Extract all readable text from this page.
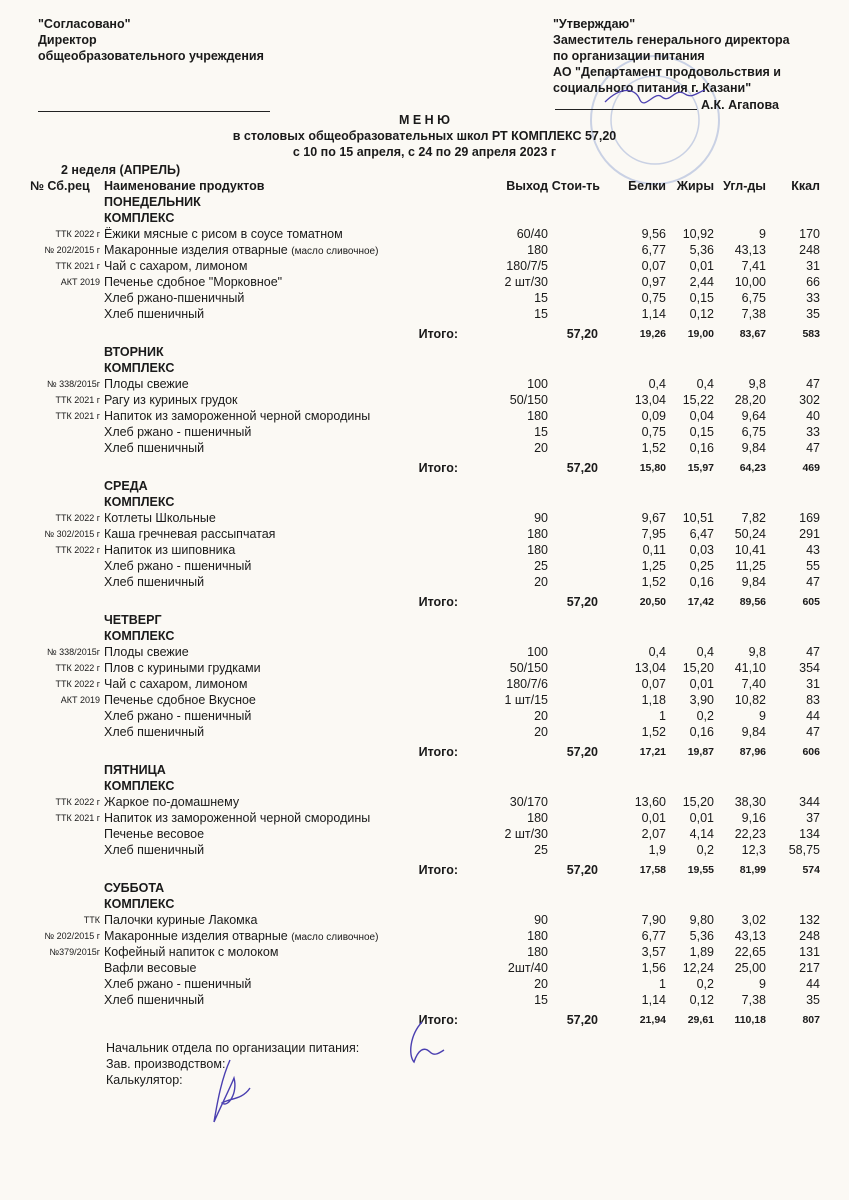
"Согласовано"
Директор
общеобразовательного учреждения
"Утверждаю"
Заместитель генерального директора
по организации питания
АО "Департамент продовольствия и
социального питания г. Казани"
А.К. Агапова
М Е Н Ю
в столовых общеобразовательных школ РТ КОМПЛЕКС 57,20
с 10 по 15 апреля, с 24 по 29 апреля 2023 г
2 неделя (АПРЕЛЬ)
№ Сб.рец Наименование продуктов	Выход Стои-ть Белки Жиры Угл-ды Ккал
ПОНЕДЕЛЬНИК
КОМПЛЕКС
ТТК 2022 г Ёжики мясные с рисом в соусе томатном	60/40	9,56 10,92	9	170
№ 202/2015 г Макаронные изделия отварные (масло сливочное)	180	6,77 5,36 43,13	248
ТТК 2021 г Чай с сахаром, лимоном	180/7/5	0,07 0,01 7,41	31
АКТ 2019 Печенье сдобное "Морковное"	2 шт/30	0,97 2,44 10,00	66
Хлеб ржано-пшеничный	15	0,75 0,15 6,75	33
Хлеб пшеничный	15	1,14 0,12 7,38	35
Итого:	57,20	19,26 19,00 83,67	583
ВТОРНИК
КОМПЛЕКС
№ 338/2015г Плоды свежие	100	0,4 0,4	9,8	47
ТТК 2021 г Рагу из куриных грудок	50/150	13,04 15,22 28,20	302
ТТК 2021 г Напиток из замороженной черной смородины	180	0,09 0,04 9,64	40
Хлеб ржано - пшеничный	15	0,75 0,15 6,75	33
Хлеб пшеничный	20	1,52 0,16 9,84	47
Итого:	57,20	15,80 15,97 64,23	469
СРЕДА
КОМПЛЕКС
ТТК 2022 г Котлеты Школьные	90	9,67 10,51 7,82	169
№ 302/2015 г Каша гречневая рассыпчатая	180	7,95 6,47 50,24	291
ТТК 2022 г Напиток из шиповника	180	0,11 0,03 10,41	43
Хлеб ржано - пшеничный	25	1,25 0,25 11,25	55
Хлеб пшеничный	20	1,52 0,16 9,84	47
Итого:	57,20	20,50 17,42 89,56	605
ЧЕТВЕРГ
КОМПЛЕКС
№ 338/2015г Плоды свежие	100	0,4 0,4	9,8	47
ТТК 2022 г Плов с куриными грудками	50/150	13,04 15,20 41,10	354
ТТК 2022 г Чай с сахаром, лимоном	180/7/6	0,07 0,01 7,40	31
АКТ 2019 Печенье сдобное Вкусное	1 шт/15	1,18 3,90 10,82	83
Хлеб ржано - пшеничный	20	1 0,2	9	44
Хлеб пшеничный	20	1,52 0,16 9,84	47
Итого:	57,20	17,21 19,87 87,96	606
ПЯТНИЦА
КОМПЛЕКС
ТТК 2022 г Жаркое по-домашнему	30/170	13,60 15,20 38,30	344
ТТК 2021 г Напиток из замороженной черной смородины	180	0,01 0,01 9,16	37
Печенье весовое	2 шт/30	2,07 4,14 22,23	134
Хлеб пшеничный	25	1,9 0,2 12,3 58,75
Итого:	57,20	17,58 19,55 81,99	574
СУББОТА
КОМПЛЕКС
ТТК Палочки куриные Лакомка	90	7,90 9,80 3,02	132
№ 202/2015 г Макаронные изделия отварные (масло сливочное)	180	6,77 5,36 43,13	248
№379/2015г Кофейный напиток с молоком	180	3,57 1,89 22,65	131
Вафли весовые	2шт/40	1,56 12,24 25,00	217
Хлеб ржано - пшеничный	20	1 0,2	9	44
Хлеб пшеничный	15	1,14 0,12 7,38	35
Итого:	57,20	21,94 29,61 110,18	807
Начальник отдела по организации питания:
Зав. производством:
Калькулятор:
